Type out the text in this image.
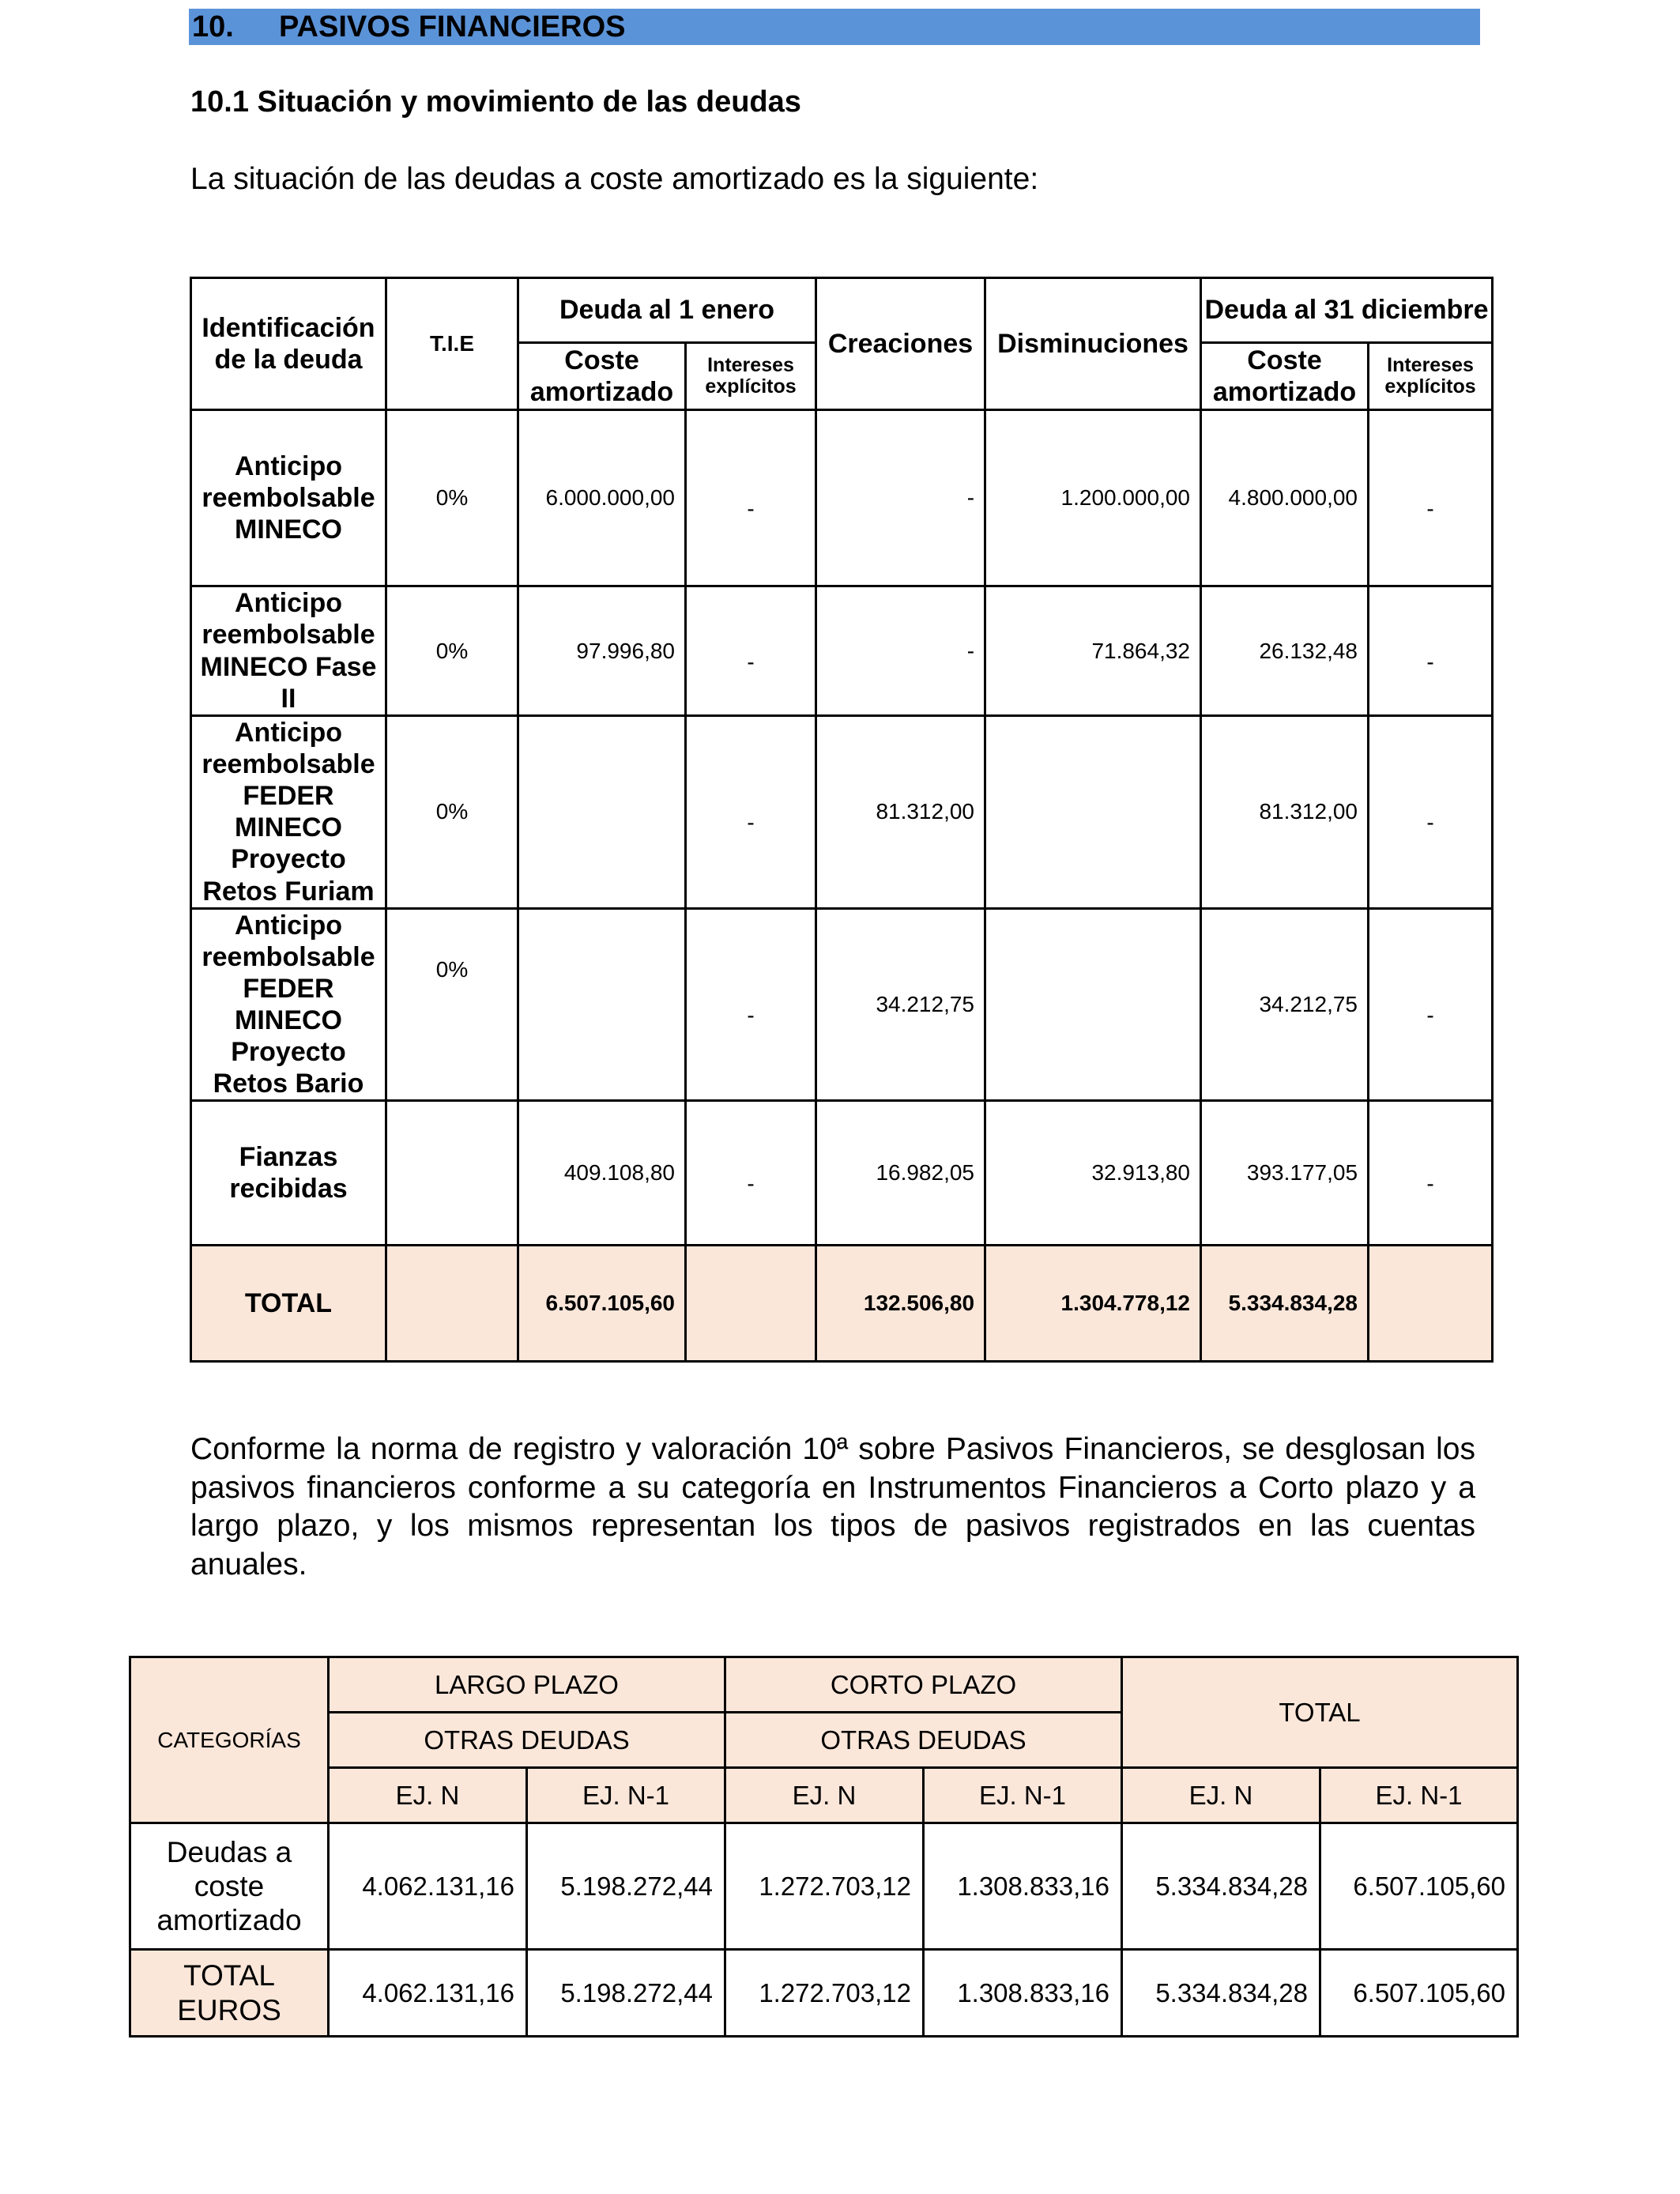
10. PASIVOS FINANCIEROS
10.1 Situación y movimiento de las deudas
La situación de las deudas a coste amortizado es la siguiente:
Identificación de la deuda	T.I.E	Deuda al 1 enero		Creaciones	Disminuciones	Deuda al 31 diciembre	
		Coste amortizado	Intereses explícitos			Coste amortizado	Intereses explícitos
Anticipo reembolsable MINECO	0%	6.000.000,00	-	-	1.200.000,00	4.800.000,00	-
Anticipo reembolsable MINECO Fase II	0%	97.996,80	-	-	71.864,32	26.132,48	-
Anticipo reembolsable FEDER MINECO Proyecto Retos Furiam	0%		-	81.312,00		81.312,00	-
Anticipo reembolsable FEDER MINECO Proyecto Retos Bario	0%		-	34.212,75		34.212,75	-
Fianzas recibidas		409.108,80	-	16.982,05	32.913,80	393.177,05	-
TOTAL		6.507.105,60		132.506,80	1.304.778,12	5.334.834,28	
Conforme la norma de registro y valoración 10ª sobre Pasivos Financieros, se desglosan los pasivos financieros conforme a su categoría en Instrumentos Financieros a Corto plazo y a largo plazo, y los mismos representan los tipos de pasivos registrados en las cuentas anuales.
CATEGORÍAS	LARGO PLAZO		CORTO PLAZO		TOTAL	
	OTRAS DEUDAS		OTRAS DEUDAS			
	EJ. N	EJ. N-1	EJ. N	EJ. N-1	EJ. N	EJ. N-1
Deudas a coste amortizado	4.062.131,16	5.198.272,44	1.272.703,12	1.308.833,16	5.334.834,28	6.507.105,60
TOTAL EUROS	4.062.131,16	5.198.272,44	1.272.703,12	1.308.833,16	5.334.834,28	6.507.105,60
